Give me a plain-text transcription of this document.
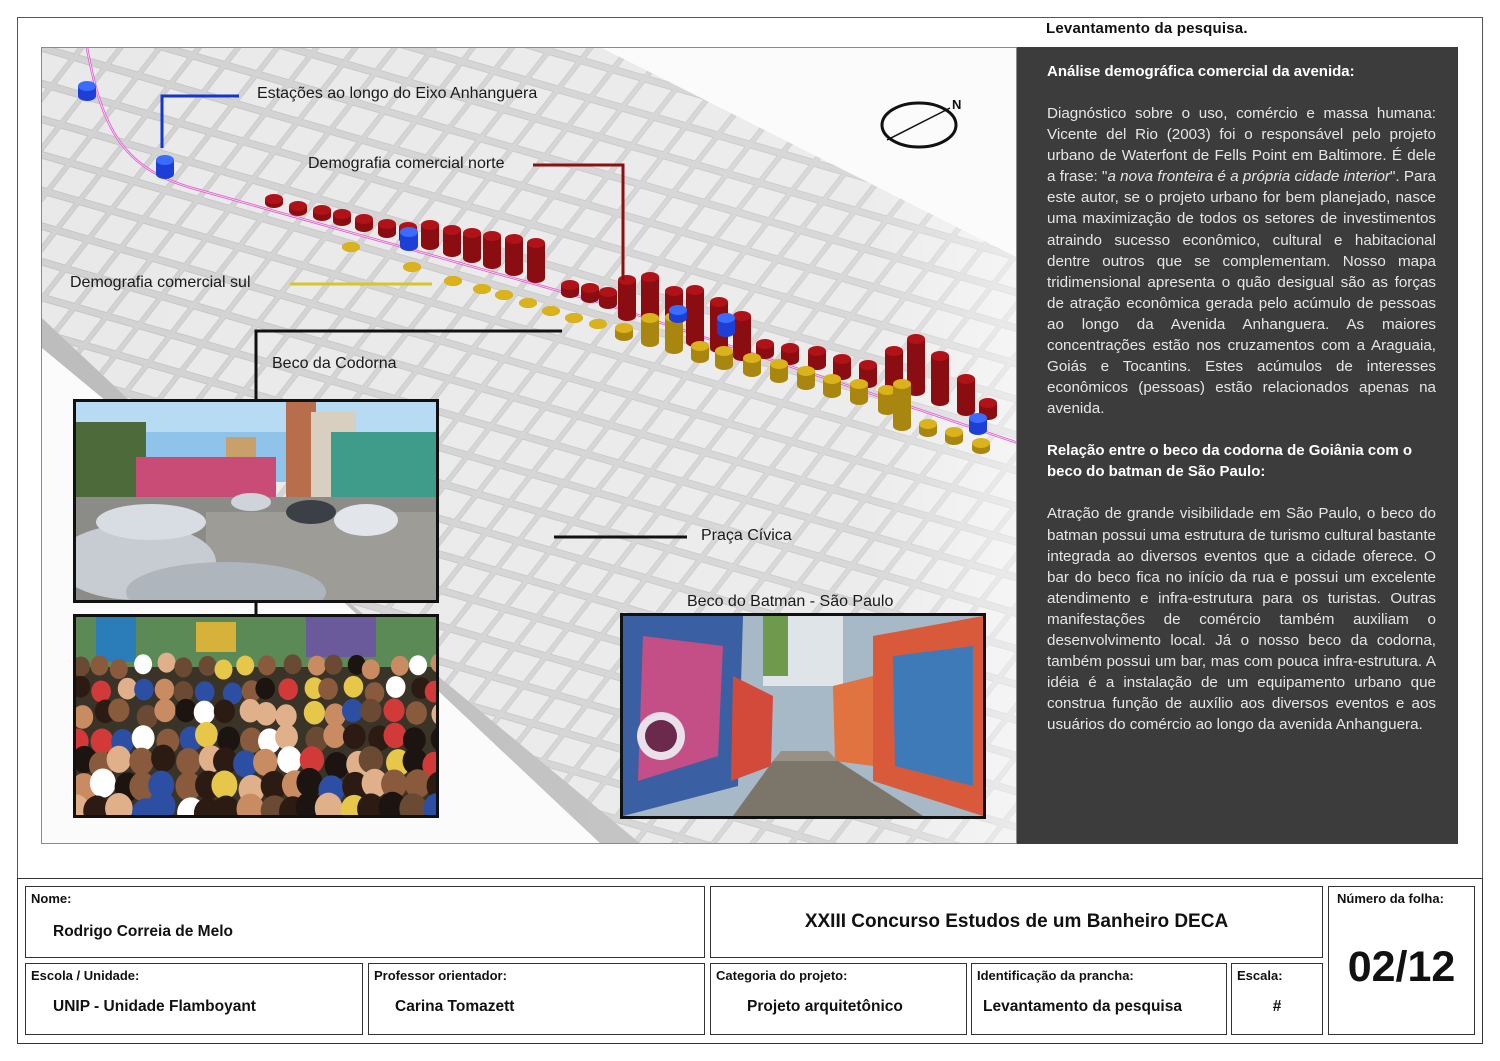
Levantamento da pesquisa.
N
Estações ao longo do Eixo Anhanguera
Demografia comercial norte
Demografia comercial sul
Beco da Codorna
Praça Cívica
Beco do Batman - São Paulo
Análise demográfica comercial da avenida:

Diagnóstico sobre o uso, comércio e massa humana: Vicente del Rio (2003) foi o responsável pelo projeto urbano de Waterfont de Fells Point em Baltimore. É dele a frase: "a nova fronteira é a própria cidade interior". Para este autor, se o projeto urbano for bem planejado, nasce uma maximização de todos os setores de investimentos atraindo sucesso econômico, cultural e habitacional dentre outros que se complementam. Nosso mapa tridimensional apresenta o quão desigual são as forças de atração econômica gerada pelo acúmulo de pessoas ao longo da Avenida Anhanguera. As maiores concentrações estão nos cruzamentos com a Araguaia, Goiás e Tocantins. Estes acúmulos de interesses econômicos (pessoas) estão relacionados apenas na avenida.

Relação entre o beco da codorna de Goiânia com o beco do batman de São Paulo:

Atração de grande visibilidade em São Paulo, o beco do batman possui uma estrutura de turismo cultural bastante integrada ao diversos eventos que a cidade oferece. O bar do beco fica no início da rua e possui um excelente atendimento e infra-estrutura para os turistas. Outras manifestações de comércio também auxiliam o desenvolvimento local. Já o nosso beco da codorna, também possui um bar, mas com pouca infra-estrutura. A idéia é a instalação de um equipamento urbano que construa função de auxílio aos diversos eventos e aos usuários do comércio ao longo da avenida Anhanguera.

Nome:
Rodrigo Correia de Melo	XXIII Concurso Estudos de um Banheiro DECA
Número da folha:
02/12
Escola / Unidade:
UNIP - Unidade Flamboyant
Professor orientador:
Carina Tomazett
Categoria do projeto:
Projeto arquitetônico
Identificação da prancha:
Levantamento da pesquisa
Escala:
#
